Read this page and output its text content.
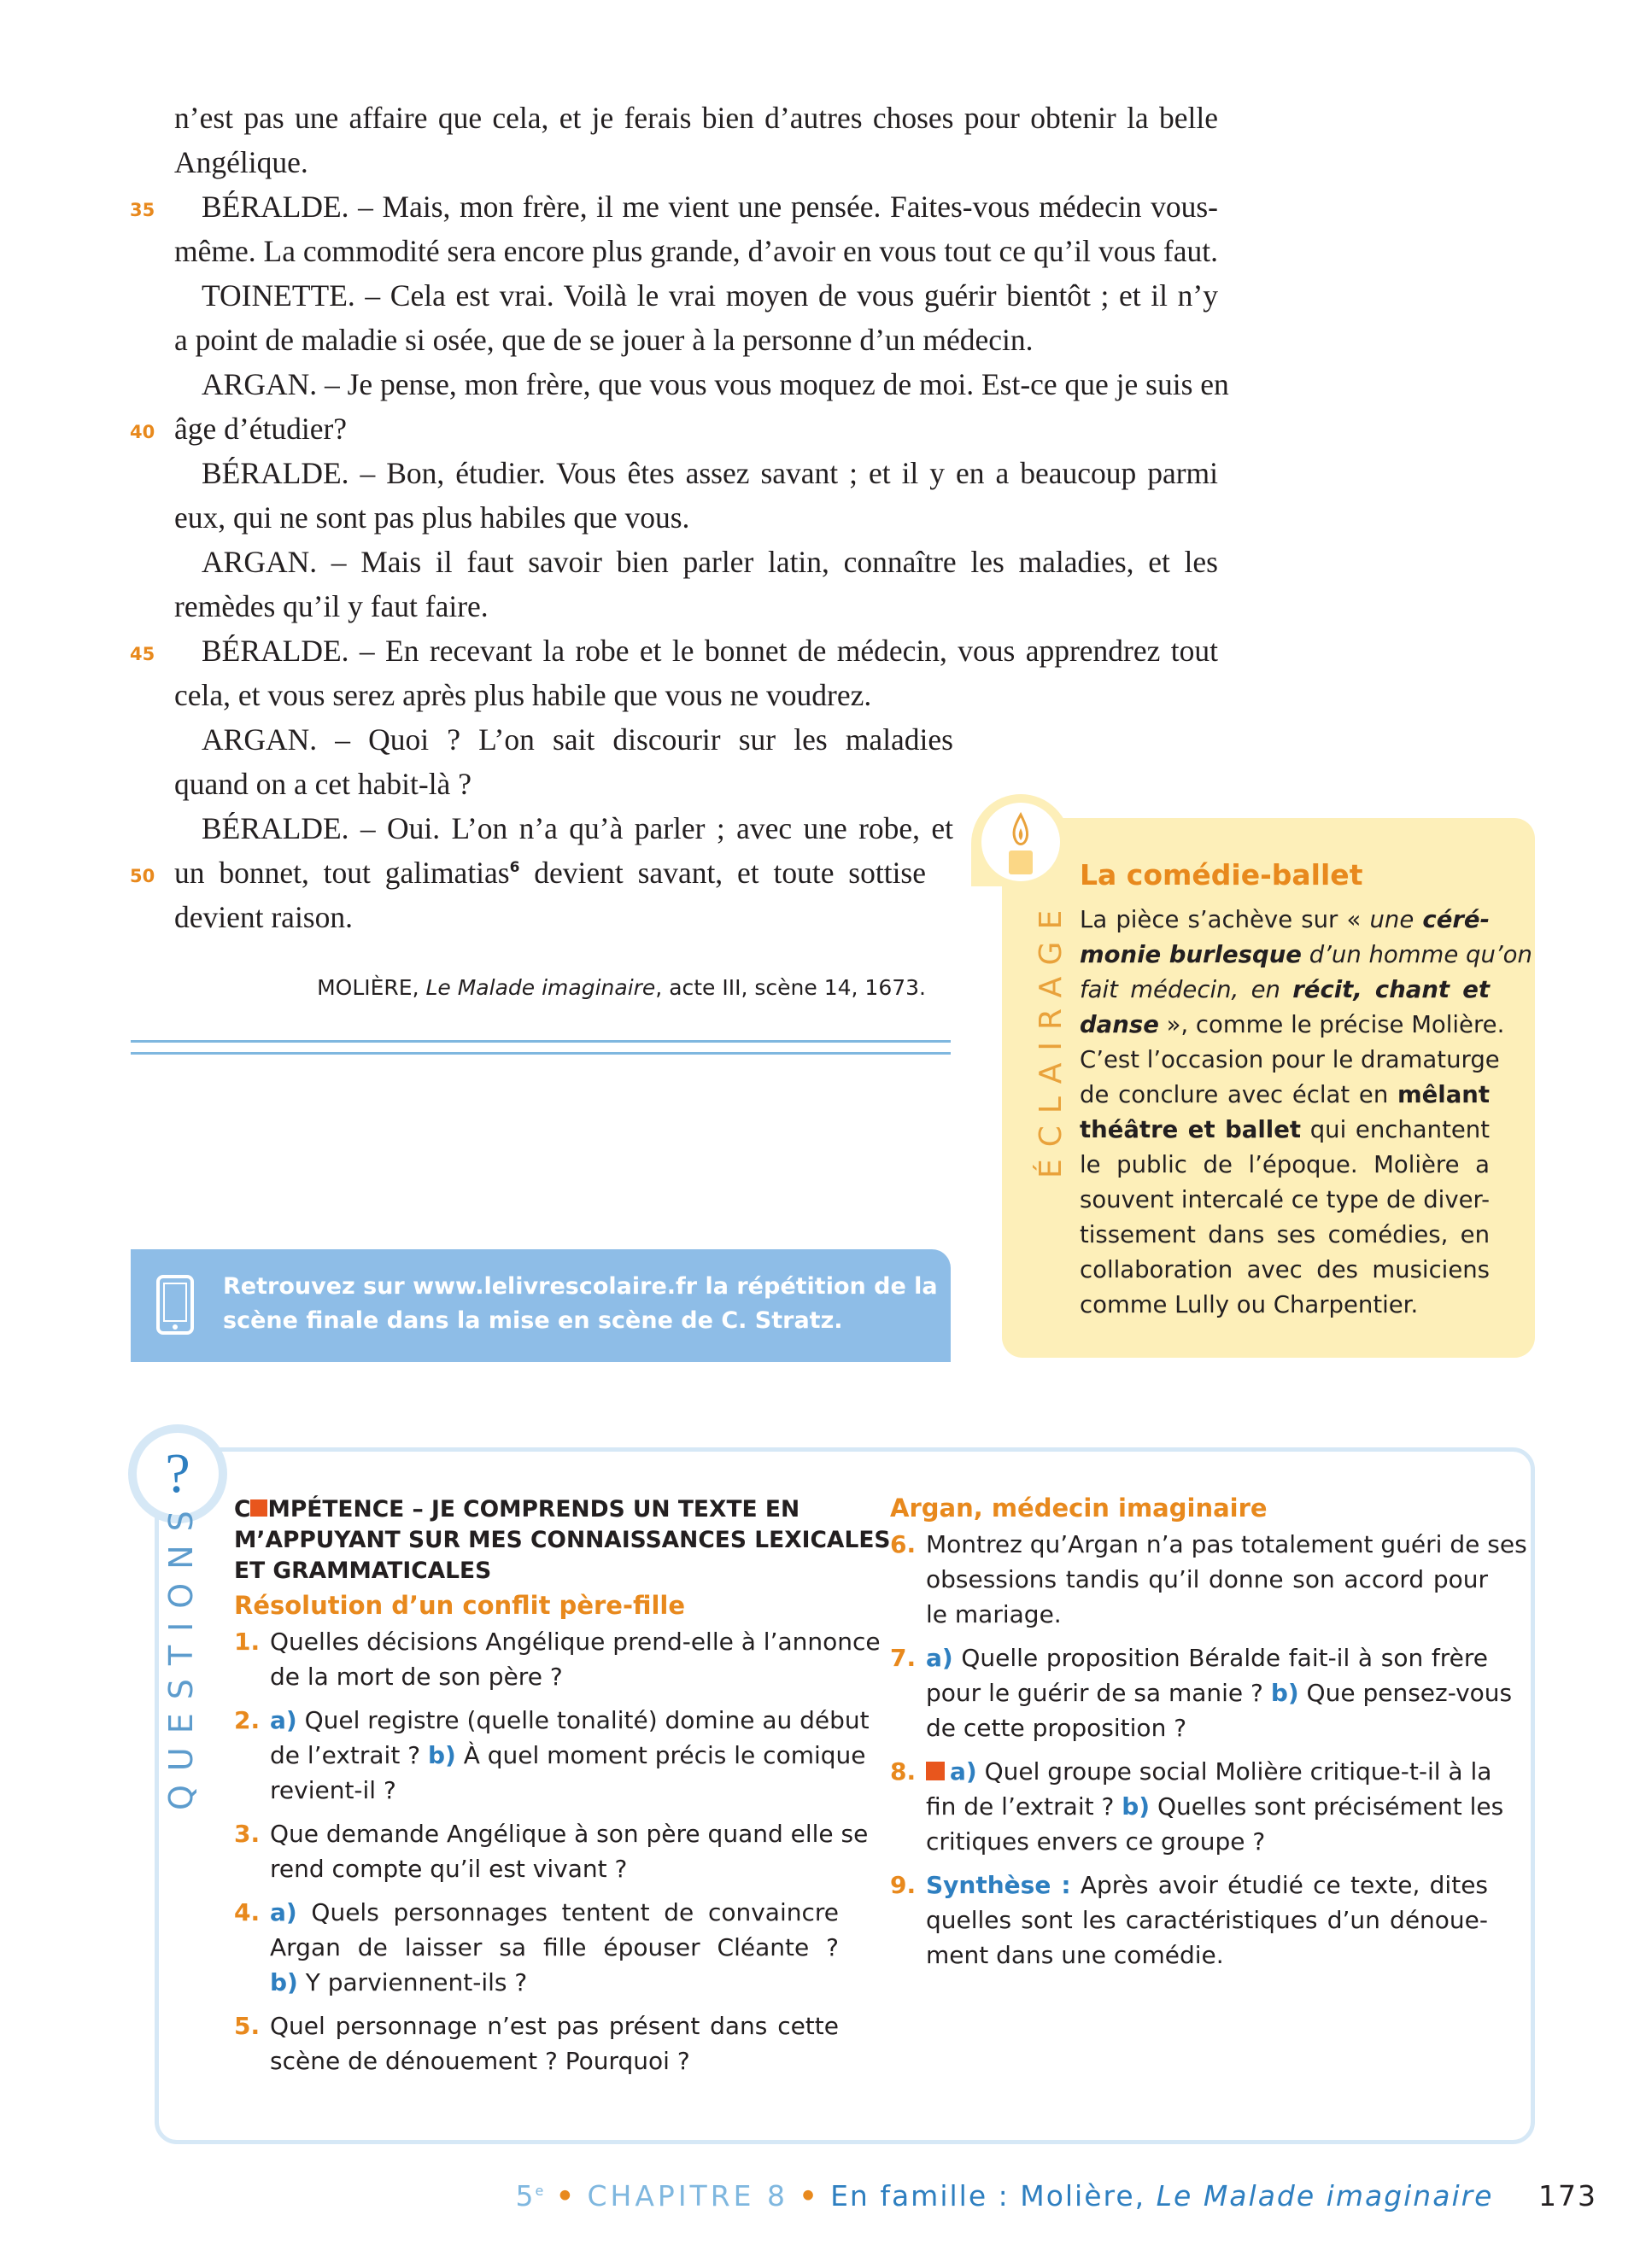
n’est pas une affaire que cela, et je ferais bien d’autres choses pour obtenir la belle
Angélique.
35 BÉRALDE. – Mais, mon frère, il me vient une pensée. Faites-vous médecin vous-
même. La commodité sera encore plus grande, d’avoir en vous tout ce qu’il vous faut.
TOINETTE. – Cela est vrai. Voilà le vrai moyen de vous guérir bientôt ; et il n’y
a point de maladie si osée, que de se jouer à la personne d’un médecin.
ARGAN. – Je pense, mon frère, que vous vous moquez de moi. Est-ce que je suis en
40 âge d’étudier?
BÉRALDE. – Bon, étudier. Vous êtes assez savant ; et il y en a beaucoup parmi
eux, qui ne sont pas plus habiles que vous.
ARGAN. – Mais il faut savoir bien parler latin, connaître les maladies, et les
remèdes qu’il y faut faire.
45 BÉRALDE. – En recevant la robe et le bonnet de médecin, vous apprendrez tout
cela, et vous serez après plus habile que vous ne voudrez.
ARGAN. – Quoi ? L’on sait discourir sur les maladies
quand on a cet habit-là ?
BÉRALDE. – Oui. L’on n’a qu’à parler ; avec une robe, et
50 un bonnet, tout galimatias$^6$ devient savant, et toute sottise
devient raison.
MOLIÈRE, Le Malade imaginaire, acte III, scène 14, 1673.
Retrouvez sur www.lelivrescolaire.fr la répétition de la
scène finale dans la mise en scène de C. Stratz.
ÉCLAIRAGE
La comédie-ballet
La pièce s’achève sur « une céré-
monie burlesque d’un homme qu’on
fait médecin, en récit, chant et
danse », comme le précise Molière.
C’est l’occasion pour le dramaturge
de conclure avec éclat en mêlant
théâtre et ballet qui enchantent
le public de l’époque. Molière a
souvent intercalé ce type de diver-
tissement dans ses comédies, en
collaboration avec des musiciens
comme Lully ou Charpentier.
?
QUESTIONS C MPÉTENCE – JE COMPRENDS UN TEXTE EN
M’APPUYANT SUR MES CONNAISSANCES LEXICALES
ET GRAMMATICALES
Résolution d’un conflit père-fille
1. Quelles décisions Angélique prend-elle à l’annonce
de la mort de son père ?
2. a) Quel registre (quelle tonalité) domine au début
de l’extrait ? b) À quel moment précis le comique
revient-il ?
3. Que demande Angélique à son père quand elle se
rend compte qu’il est vivant ?
4. a) Quels personnages tentent de convaincre
Argan de laisser sa fille épouser Cléante ?
b) Y parviennent-ils ?
5. Quel personnage n’est pas présent dans cette
scène de dénouement ? Pourquoi ?
Argan, médecin imaginaire
6. Montrez qu’Argan n’a pas totalement guéri de ses
obsessions tandis qu’il donne son accord pour
le mariage.
7. a) Quelle proposition Béralde fait-il à son frère
pour le guérir de sa manie ? b) Que pensez-vous
de cette proposition ?
8.	a) Quel groupe social Molière critique-t-il à la
fin de l’extrait ? b) Quelles sont précisément les
critiques envers ce groupe ?
9. Synthèse : Après avoir étudié ce texte, dites
quelles sont les caractéristiques d’un dénoue-
ment dans une comédie.
5e • CHAPITRE 8 • En famille : Molière, Le Malade imaginaire 173
